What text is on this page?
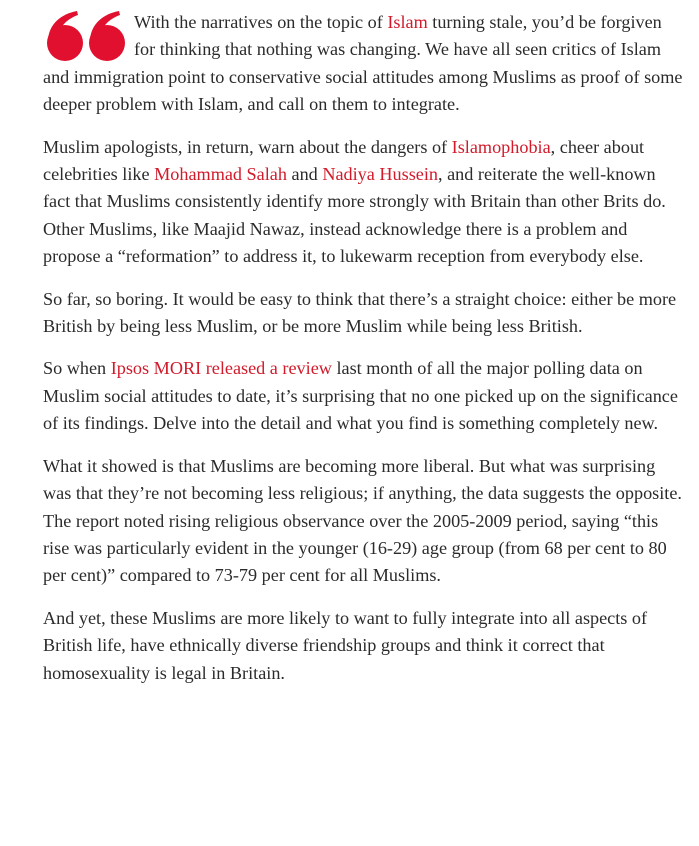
With the narratives on the topic of Islam turning stale, you’d be forgiven for thinking that nothing was changing. We have all seen critics of Islam and immigration point to conservative social attitudes among Muslims as proof of some deeper problem with Islam, and call on them to integrate.

Muslim apologists, in return, warn about the dangers of Islamophobia, cheer about celebrities like Mohammad Salah and Nadiya Hussein, and reiterate the well-known fact that Muslims consistently identify more strongly with Britain than other Brits do. Other Muslims, like Maajid Nawaz, instead acknowledge there is a problem and propose a “reformation” to address it, to lukewarm reception from everybody else.

So far, so boring. It would be easy to think that there’s a straight choice: either be more British by being less Muslim, or be more Muslim while being less British.

So when Ipsos MORI released a review last month of all the major polling data on Muslim social attitudes to date, it’s surprising that no one picked up on the significance of its findings. Delve into the detail and what you find is something completely new.

What it showed is that Muslims are becoming more liberal. But what was surprising was that they’re not becoming less religious; if anything, the data suggests the opposite. The report noted rising religious observance over the 2005-2009 period, saying “this rise was particularly evident in the younger (16-29) age group (from 68 per cent to 80 per cent)” compared to 73-79 per cent for all Muslims.

And yet, these Muslims are more likely to want to fully integrate into all aspects of British life, have ethnically diverse friendship groups and think it correct that homosexuality is legal in Britain.
